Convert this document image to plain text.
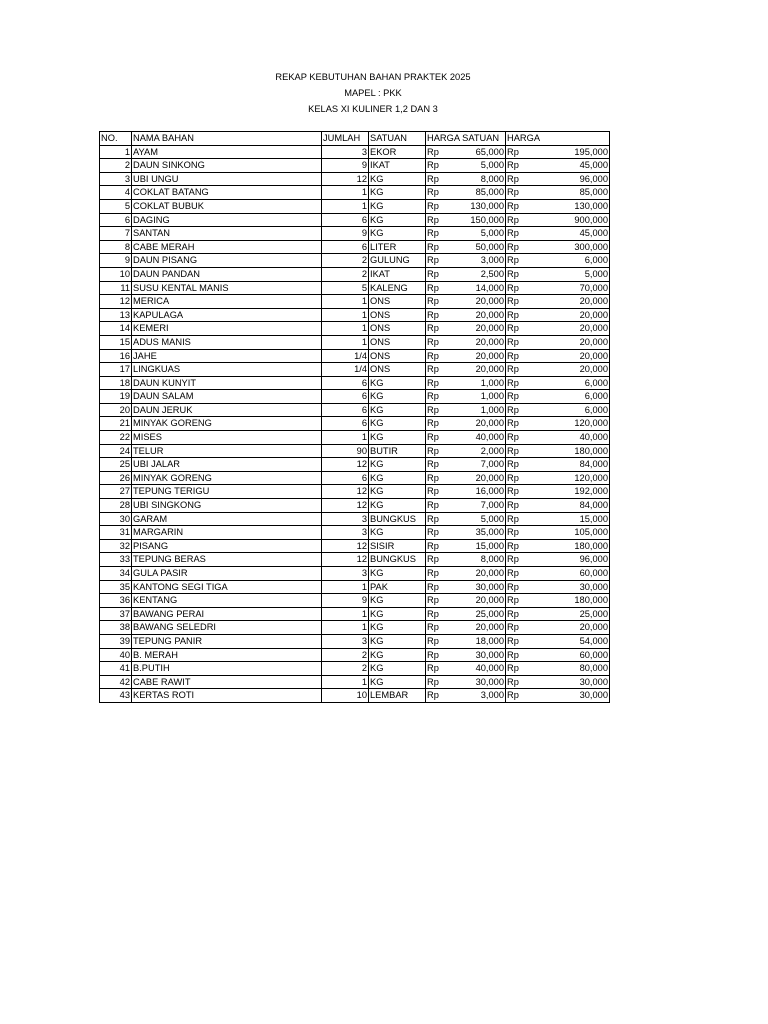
REKAP KEBUTUHAN BAHAN PRAKTEK 2025
MAPEL : PKK
KELAS XI KULINER 1,2 DAN 3
NO.	NAMA BAHAN	JUMLAH	SATUAN	HARGA SATUAN		HARGA	
1	AYAM	3	EKOR	Rp	65,000	Rp	195,000
2	DAUN SINKONG	9	IKAT	Rp	5,000	Rp	45,000
3	UBI UNGU	12	KG	Rp	8,000	Rp	96,000
4	COKLAT BATANG	1	KG	Rp	85,000	Rp	85,000
5	COKLAT BUBUK	1	KG	Rp	130,000	Rp	130,000
6	DAGING	6	KG	Rp	150,000	Rp	900,000
7	SANTAN	9	KG	Rp	5,000	Rp	45,000
8	CABE MERAH	6	LITER	Rp	50,000	Rp	300,000
9	DAUN PISANG	2	GULUNG	Rp	3,000	Rp	6,000
10	DAUN PANDAN	2	IKAT	Rp	2,500	Rp	5,000
11	SUSU KENTAL MANIS	5	KALENG	Rp	14,000	Rp	70,000
12	MERICA	1	ONS	Rp	20,000	Rp	20,000
13	KAPULAGA	1	ONS	Rp	20,000	Rp	20,000
14	KEMERI	1	ONS	Rp	20,000	Rp	20,000
15	ADUS MANIS	1	ONS	Rp	20,000	Rp	20,000
16	JAHE	1/4	ONS	Rp	20,000	Rp	20,000
17	LINGKUAS	1/4	ONS	Rp	20,000	Rp	20,000
18	DAUN KUNYIT	6	KG	Rp	1,000	Rp	6,000
19	DAUN SALAM	6	KG	Rp	1,000	Rp	6,000
20	DAUN JERUK	6	KG	Rp	1,000	Rp	6,000
21	MINYAK GORENG	6	KG	Rp	20,000	Rp	120,000
22	MISES	1	KG	Rp	40,000	Rp	40,000
24	TELUR	90	BUTIR	Rp	2,000	Rp	180,000
25	UBI JALAR	12	KG	Rp	7,000	Rp	84,000
26	MINYAK GORENG	6	KG	Rp	20,000	Rp	120,000
27	TEPUNG TERIGU	12	KG	Rp	16,000	Rp	192,000
28	UBI SINGKONG	12	KG	Rp	7,000	Rp	84,000
30	GARAM	3	BUNGKUS	Rp	5,000	Rp	15,000
31	MARGARIN	3	KG	Rp	35,000	Rp	105,000
32	PISANG	12	SISIR	Rp	15,000	Rp	180,000
33	TEPUNG BERAS	12	BUNGKUS	Rp	8,000	Rp	96,000
34	GULA PASIR	3	KG	Rp	20,000	Rp	60,000
35	KANTONG SEGI TIGA	1	PAK	Rp	30,000	Rp	30,000
36	KENTANG	9	KG	Rp	20,000	Rp	180,000
37	BAWANG PERAI	1	KG	Rp	25,000	Rp	25,000
38	BAWANG SELEDRI	1	KG	Rp	20,000	Rp	20,000
39	TEPUNG PANIR	3	KG	Rp	18,000	Rp	54,000
40	B. MERAH	2	KG	Rp	30,000	Rp	60,000
41	B.PUTIH	2	KG	Rp	40,000	Rp	80,000
42	CABE RAWIT	1	KG	Rp	30,000	Rp	30,000
43	KERTAS ROTI	10	LEMBAR	Rp	3,000	Rp	30,000
